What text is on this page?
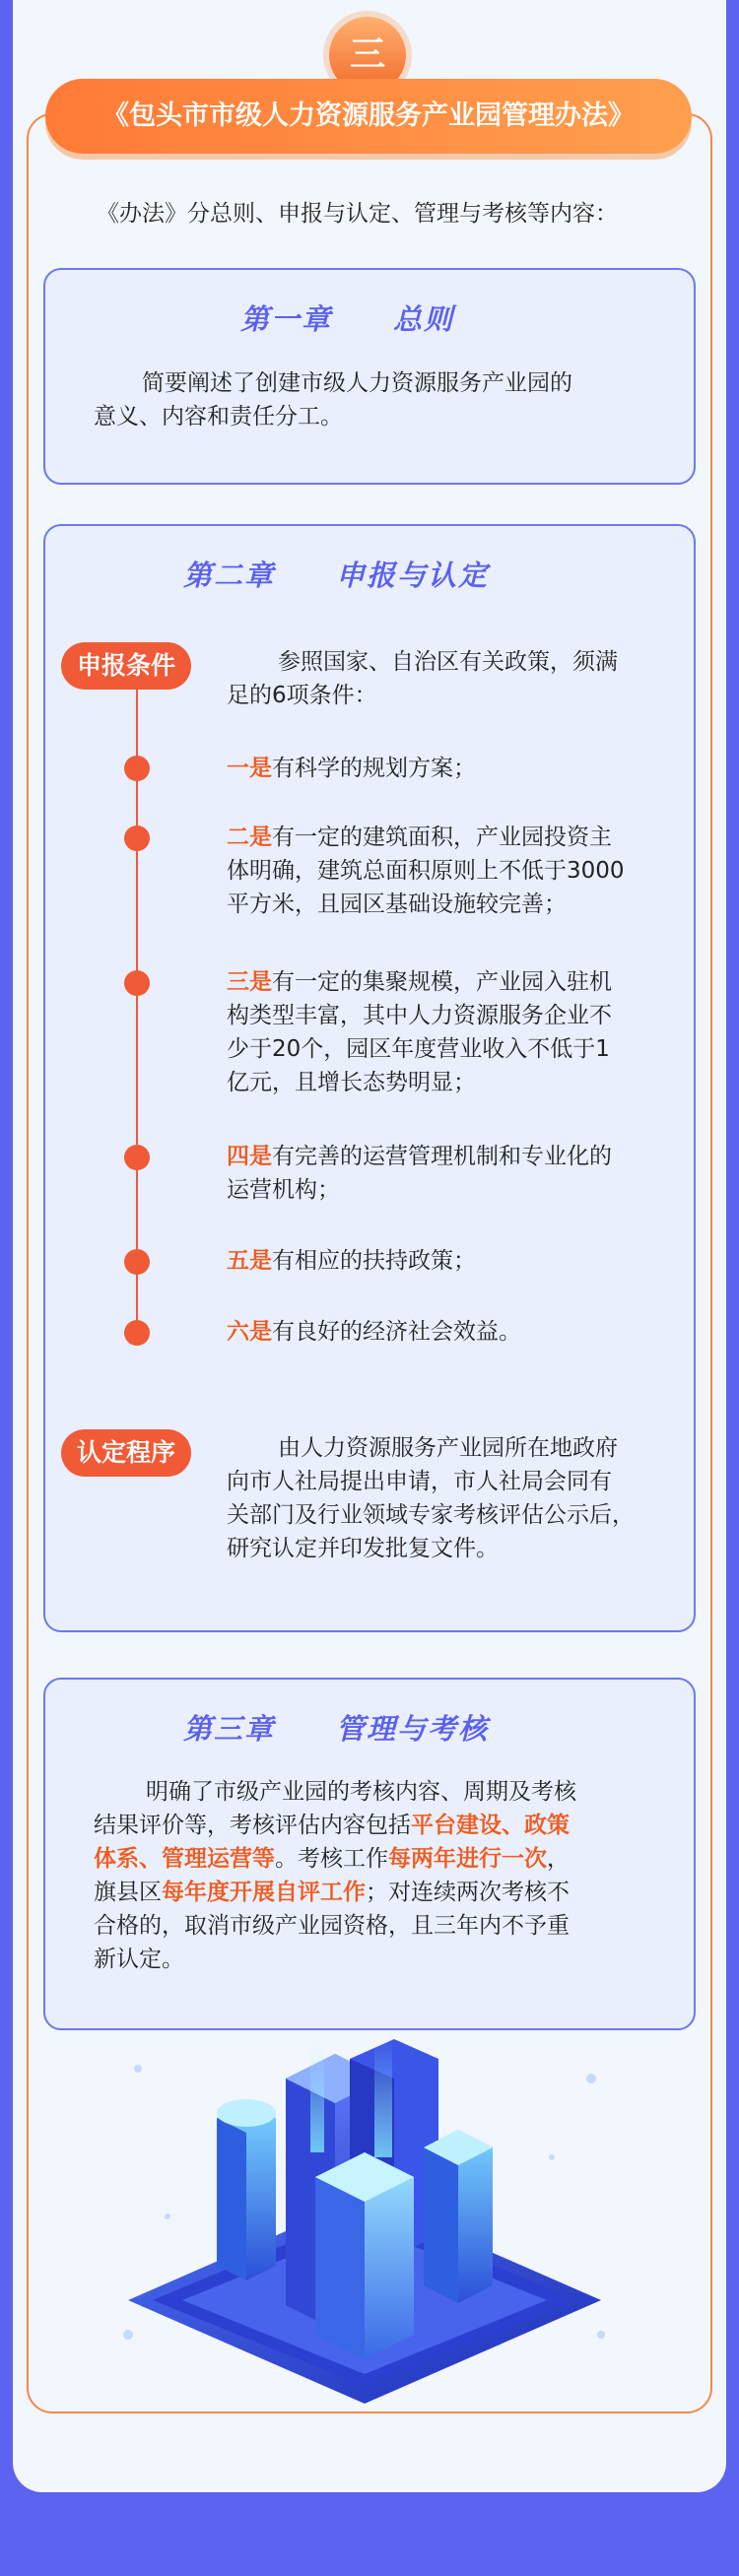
三
《包头市市级人力资源服务产业园管理办法》
《办法》分总则、申报与认定、管理与考核等内容：
第一章　　总则
简要阐述了创建市级人力资源服务产业园的
意义、内容和责任分工。
第二章　　申报与认定
申报条件	参照国家、自治区有关政策，须满
足的6项条件：
一是有科学的规划方案；
二是有一定的建筑面积，产业园投资主
体明确，建筑总面积原则上不低于3000
平方米，且园区基础设施较完善；
三是有一定的集聚规模，产业园入驻机
构类型丰富，其中人力资源服务企业不
少于20个，园区年度营业收入不低于1
亿元，且增长态势明显；
四是有完善的运营管理机制和专业化的
运营机构；
五是有相应的扶持政策；
六是有良好的经济社会效益。
认定程序	由人力资源服务产业园所在地政府
向市人社局提出申请，市人社局会同有
关部门及行业领域专家考核评估公示后，
研究认定并印发批复文件。
第三章　　管理与考核
明确了市级产业园的考核内容、周期及考核
结果评价等，考核评估内容包括平台建设、政策
体系、管理运营等。考核工作每两年进行一次，
旗县区每年度开展自评工作；对连续两次考核不
合格的，取消市级产业园资格，且三年内不予重
新认定。
